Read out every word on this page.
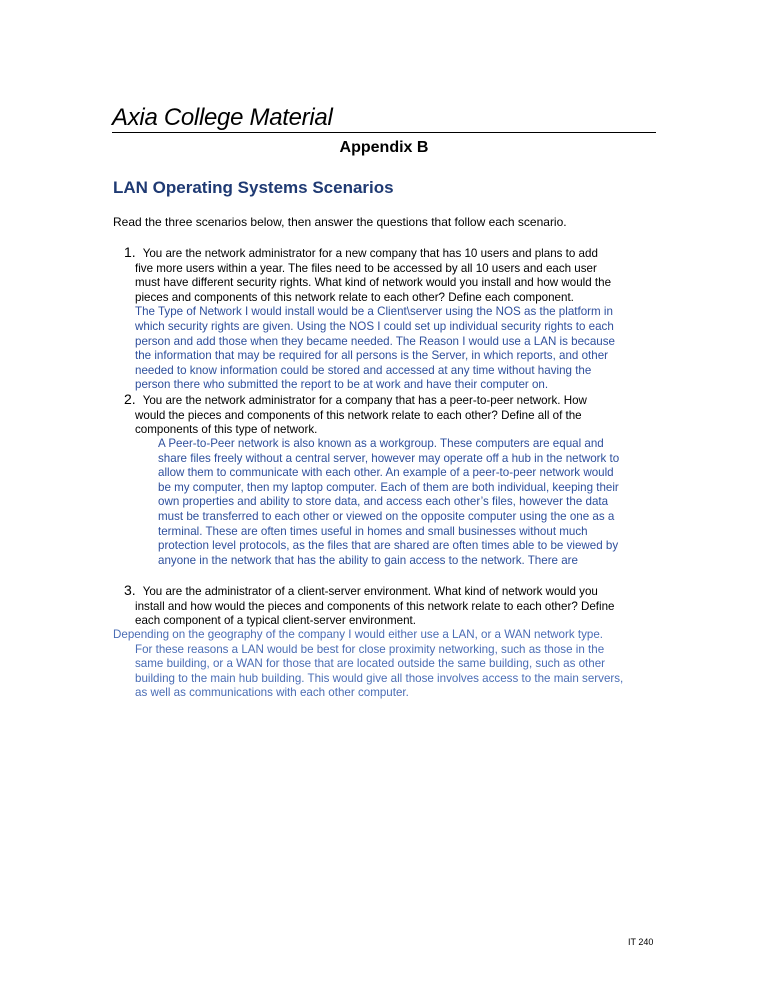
Axia College Material
Appendix B
LAN Operating Systems Scenarios
Read the three scenarios below, then answer the questions that follow each scenario.
1. You are the network administrator for a new company that has 10 users and plans to add
five more users within a year. The files need to be accessed by all 10 users and each user
must have different security rights. What kind of network would you install and how would the
pieces and components of this network relate to each other? Define each component.
The Type of Network I would install would be a Client\server using the NOS as the platform in
which security rights are given. Using the NOS I could set up individual security rights to each
person and add those when they became needed. The Reason I would use a LAN is because
the information that may be required for all persons is the Server, in which reports, and other
needed to know information could be stored and accessed at any time without having the
person there who submitted the report to be at work and have their computer on.
2. You are the network administrator for a company that has a peer-to-peer network. How
would the pieces and components of this network relate to each other? Define all of the
components of this type of network.
A Peer-to-Peer network is also known as a workgroup. These computers are equal and
share files freely without a central server, however may operate off a hub in the network to
allow them to communicate with each other. An example of a peer-to-peer network would
be my computer, then my laptop computer. Each of them are both individual, keeping their
own properties and ability to store data, and access each other’s files, however the data
must be transferred to each other or viewed on the opposite computer using the one as a
terminal. These are often times useful in homes and small businesses without much
protection level protocols, as the files that are shared are often times able to be viewed by
anyone in the network that has the ability to gain access to the network. There are
3. You are the administrator of a client-server environment. What kind of network would you
install and how would the pieces and components of this network relate to each other? Define
each component of a typical client-server environment.
Depending on the geography of the company I would either use a LAN, or a WAN network type.
For these reasons a LAN would be best for close proximity networking, such as those in the
same building, or a WAN for those that are located outside the same building, such as other
building to the main hub building. This would give all those involves access to the main servers,
as well as communications with each other computer.
IT 240
